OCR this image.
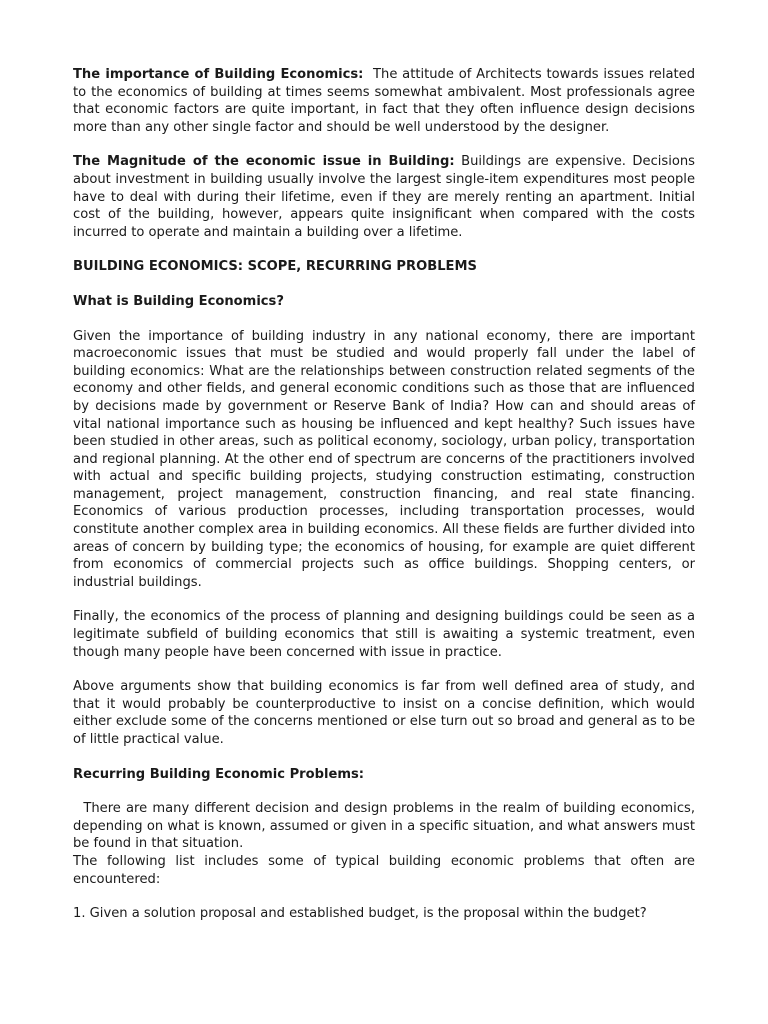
The importance of Building Economics:  The attitude of Architects towards issues related to the economics of building at times seems somewhat ambivalent. Most professionals agree that economic factors are quite important, in fact that they often influence design decisions more than any other single factor and should be well understood by the designer.

The Magnitude of the economic issue in Building: Buildings are expensive. Decisions about investment in building usually involve the largest single-item expenditures most people have to deal with during their lifetime, even if they are merely renting an apartment. Initial cost of the building, however, appears quite insignificant when compared with the costs incurred to operate and maintain a building over a lifetime.

BUILDING ECONOMICS: SCOPE, RECURRING PROBLEMS

What is Building Economics?

Given the importance of building industry in any national economy, there are important macroeconomic issues that must be studied and would properly fall under the label of building economics: What are the relationships between construction related segments of the economy and other fields, and general economic conditions such as those that are influenced by decisions made by government or Reserve Bank of India? How can and should areas of vital national importance such as housing be influenced and kept healthy? Such issues have been studied in other areas, such as political economy, sociology, urban policy, transportation and regional planning. At the other end of spectrum are concerns of the practitioners involved with actual and specific building projects, studying construction estimating, construction management, project management, construction financing, and real state financing. Economics of various production processes, including transportation processes, would constitute another complex area in building economics. All these fields are further divided into areas of concern by building type; the economics of housing, for example are quiet different from economics of commercial projects such as office buildings. Shopping centers, or industrial buildings.

Finally, the economics of the process of planning and designing buildings could be seen as a legitimate subfield of building economics that still is awaiting a systemic treatment, even though many people have been concerned with issue in practice.

Above arguments show that building economics is far from well defined area of study, and that it would probably be counterproductive to insist on a concise definition, which would either exclude some of the concerns mentioned or else turn out so broad and general as to be of little practical value.

Recurring Building Economic Problems:

There are many different decision and design problems in the realm of building economics, depending on what is known, assumed or given in a specific situation, and what answers must be found in that situation.

The following list includes some of typical building economic problems that often are encountered:

1. Given a solution proposal and established budget, is the proposal within the budget?
